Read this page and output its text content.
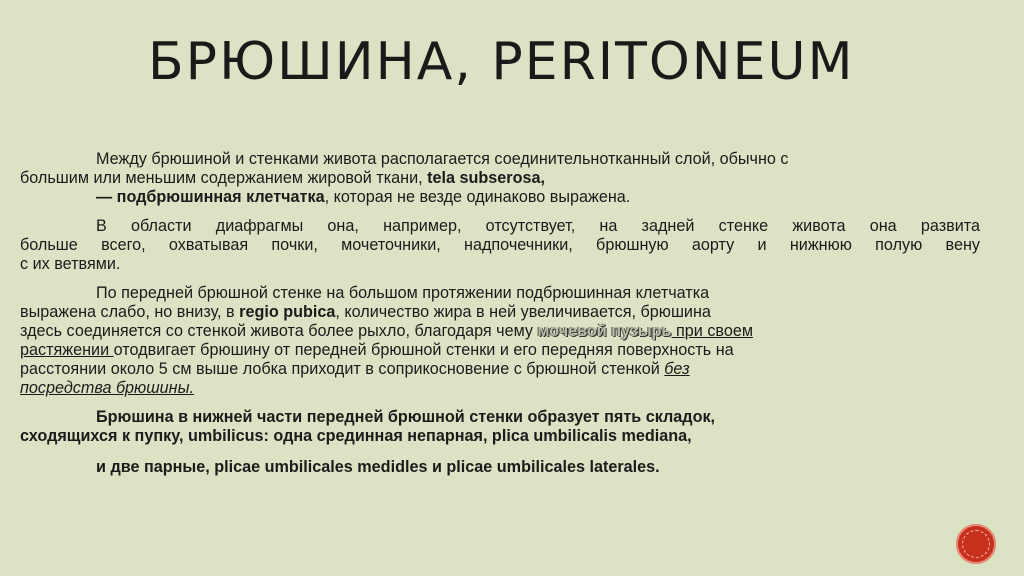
БРЮШИНА, PERITONEUM
Между брюшиной и стенками живота располагается соединительнотканный слой, обычно с
большим или меньшим содержанием жировой ткани, tela subserosa,
— подбрюшинная клетчатка, которая не везде одинаково выражена.
В области диафрагмы она, например, отсутствует, на задней стенке живота она развита
больше всего, охватывая почки, мочеточники, надпочечники, брюшную аорту и нижнюю полую вену
с их ветвями.
По передней брюшной стенке на большом протяжении подбрюшинная клетчатка
выражена слабо, но внизу, в regio pubica, количество жира в ней увеличивается, брюшина
здесь соединяется со стенкой живота более рыхло, благодаря чему мочевой пузырь при своем
растяжении отодвигает брюшину от передней брюшной стенки и его передняя поверхность на
расстоянии около 5 см выше лобка приходит в соприкосновение с брюшной стенкой без
посредства брюшины.
Брюшина в нижней части передней брюшной стенки образует пять складок,
сходящихся к пупку, umbilicus: одна срединная непарная, plica umbilicalis mediana,
и две парные, plicae umbilicales medidles и plicae umbilicales laterales.
